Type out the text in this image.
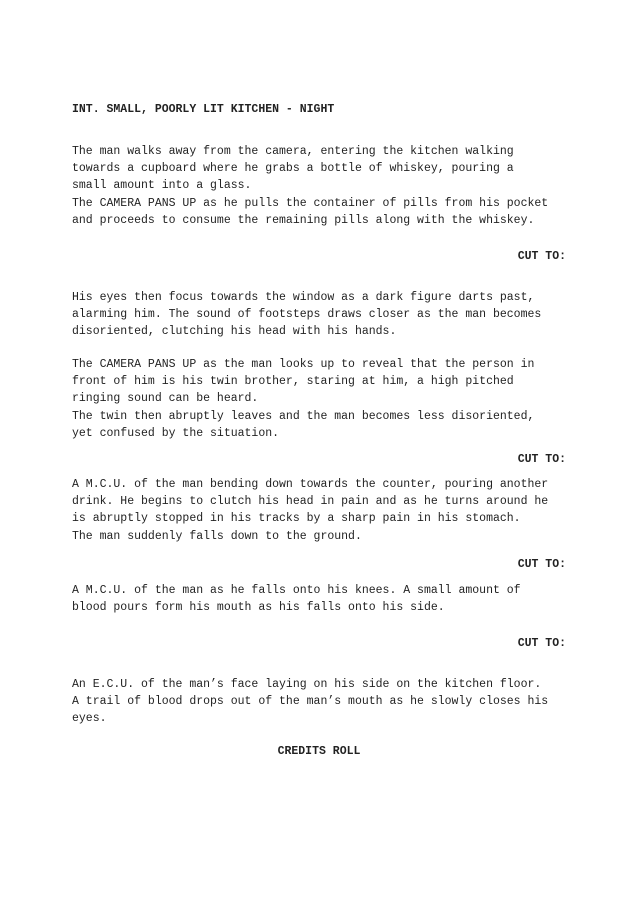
INT. SMALL, POORLY LIT KITCHEN - NIGHT
The man walks away from the camera, entering the kitchen walking
towards a cupboard where he grabs a bottle of whiskey, pouring a
small amount into a glass.
The CAMERA PANS UP as he pulls the container of pills from his pocket
and proceeds to consume the remaining pills along with the whiskey.
CUT TO:
His eyes then focus towards the window as a dark figure darts past,
alarming him. The sound of footsteps draws closer as the man becomes
disoriented, clutching his head with his hands.
The CAMERA PANS UP as the man looks up to reveal that the person in
front of him is his twin brother, staring at him, a high pitched
ringing sound can be heard.
The twin then abruptly leaves and the man becomes less disoriented,
yet confused by the situation.
CUT TO:
A M.C.U. of the man bending down towards the counter, pouring another
drink. He begins to clutch his head in pain and as he turns around he
is abruptly stopped in his tracks by a sharp pain in his stomach.
The man suddenly falls down to the ground.
CUT TO:
A M.C.U. of the man as he falls onto his knees. A small amount of
blood pours form his mouth as his falls onto his side.
CUT TO:
An E.C.U. of the man’s face laying on his side on the kitchen floor.
A trail of blood drops out of the man’s mouth as he slowly closes his
eyes.
CREDITS ROLL
